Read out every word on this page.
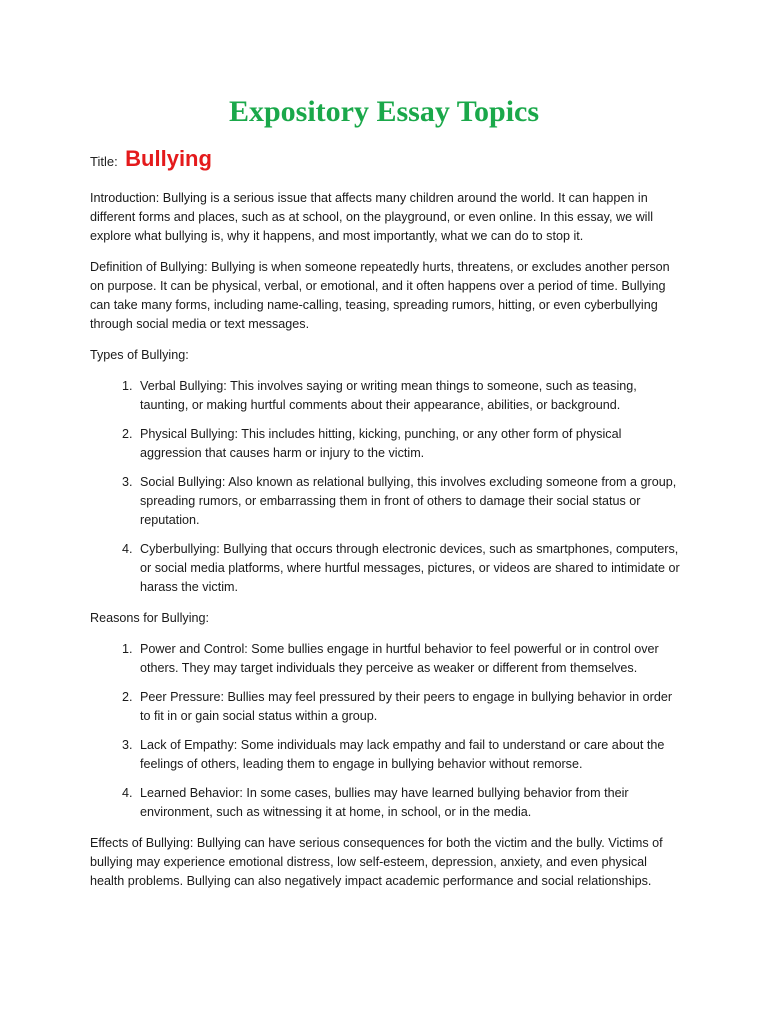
Expository Essay Topics

Title: Bullying

Introduction: Bullying is a serious issue that affects many children around the world. It can happen in different forms and places, such as at school, on the playground, or even online. In this essay, we will explore what bullying is, why it happens, and most importantly, what we can do to stop it.

Definition of Bullying: Bullying is when someone repeatedly hurts, threatens, or excludes another person on purpose. It can be physical, verbal, or emotional, and it often happens over a period of time. Bullying can take many forms, including name-calling, teasing, spreading rumors, hitting, or even cyberbullying through social media or text messages.

Types of Bullying:

1. Verbal Bullying: This involves saying or writing mean things to someone, such as teasing, taunting, or making hurtful comments about their appearance, abilities, or background.
2. Physical Bullying: This includes hitting, kicking, punching, or any other form of physical aggression that causes harm or injury to the victim.
3. Social Bullying: Also known as relational bullying, this involves excluding someone from a group, spreading rumors, or embarrassing them in front of others to damage their social status or reputation.
4. Cyberbullying: Bullying that occurs through electronic devices, such as smartphones, computers, or social media platforms, where hurtful messages, pictures, or videos are shared to intimidate or harass the victim.

Reasons for Bullying:

1. Power and Control: Some bullies engage in hurtful behavior to feel powerful or in control over others. They may target individuals they perceive as weaker or different from themselves.
2. Peer Pressure: Bullies may feel pressured by their peers to engage in bullying behavior in order to fit in or gain social status within a group.
3. Lack of Empathy: Some individuals may lack empathy and fail to understand or care about the feelings of others, leading them to engage in bullying behavior without remorse.
4. Learned Behavior: In some cases, bullies may have learned bullying behavior from their environment, such as witnessing it at home, in school, or in the media.

Effects of Bullying: Bullying can have serious consequences for both the victim and the bully. Victims of bullying may experience emotional distress, low self-esteem, depression, anxiety, and even physical health problems. Bullying can also negatively impact academic performance and social relationships.
